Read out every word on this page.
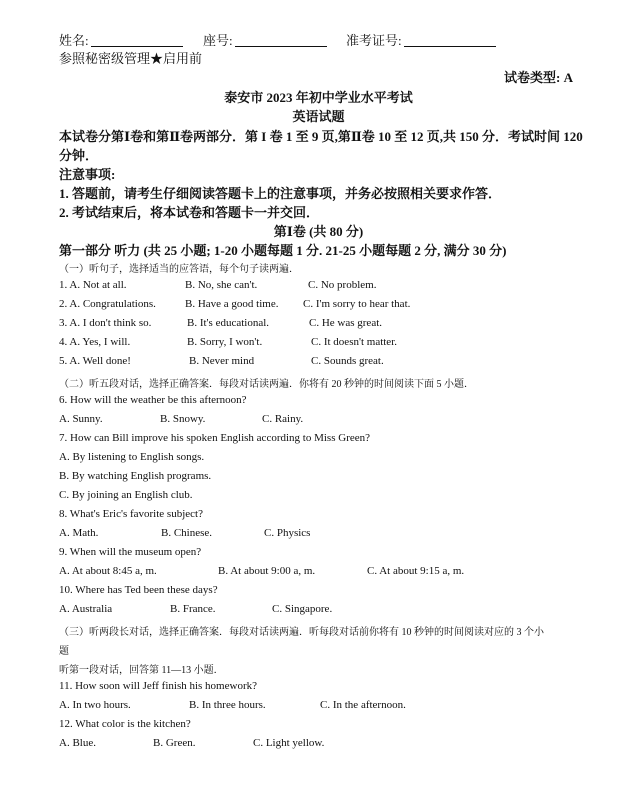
姓名:	座号:	准考证号:
参照秘密级管理★启用前
试卷类型: A
泰安市 2023 年初中学业水平考试
英语试题
本试卷分第Ⅰ卷和第Ⅱ卷两部分．第 I 卷 1 至 9 页,第Ⅱ卷 10 至 12 页,共 150 分．考试时间 120
分钟．
注意事项:
1. 答题前，请考生仔细阅读答题卡上的注意事项，并务必按照相关要求作答．
2. 考试结束后，将本试卷和答题卡一并交回．
第Ⅰ卷 (共 80 分)
第一部分 听力 (共 25 小题; 1-20 小题每题 1 分. 21-25 小题每题 2 分, 满分 30 分)
（一）听句子，选择适当的应答语，每个句子读两遍．
1. A. Not at all.	B. No, she can't.	C. No problem.
2. A. Congratulations.	B. Have a good time. C. I'm sorry to hear that.
3. A. I don't think so.	B. It's educational.	C. He was great.
4. A. Yes, I will.	B. Sorry, I won't.	C. It doesn't matter.
5. A. Well done!	B. Never mind	C. Sounds great.
（二）听五段对话，选择正确答案．每段对话读两遍．你将有 20 秒钟的时间阅读下面 5 小题．
6. How will the weather be this afternoon?
A. Sunny.	B. Snowy.	C. Rainy.
7. How can Bill improve his spoken English according to Miss Green?
A. By listening to English songs.
B. By watching English programs.
C. By joining an English club.
8. What's Eric's favorite subject?
A. Math.	B. Chinese.	C. Physics
9. When will the museum open?
A. At about 8:45 a, m.	B. At about 9:00 a, m.	C. At about 9:15 a, m.
10. Where has Ted been these days?
A. Australia	B. France.	C. Singapore.
（三）听两段长对话，选择正确答案．每段对话读两遍．听每段对话前你将有 10 秒钟的时间阅读对应的 3 个小
题
听第一段对话，回答第 11—13 小题．
11. How soon will Jeff finish his homework?
A. In two hours.	B. In three hours.	C. In the afternoon.
12. What color is the kitchen?
A. Blue.	B. Green.	C. Light yellow.
